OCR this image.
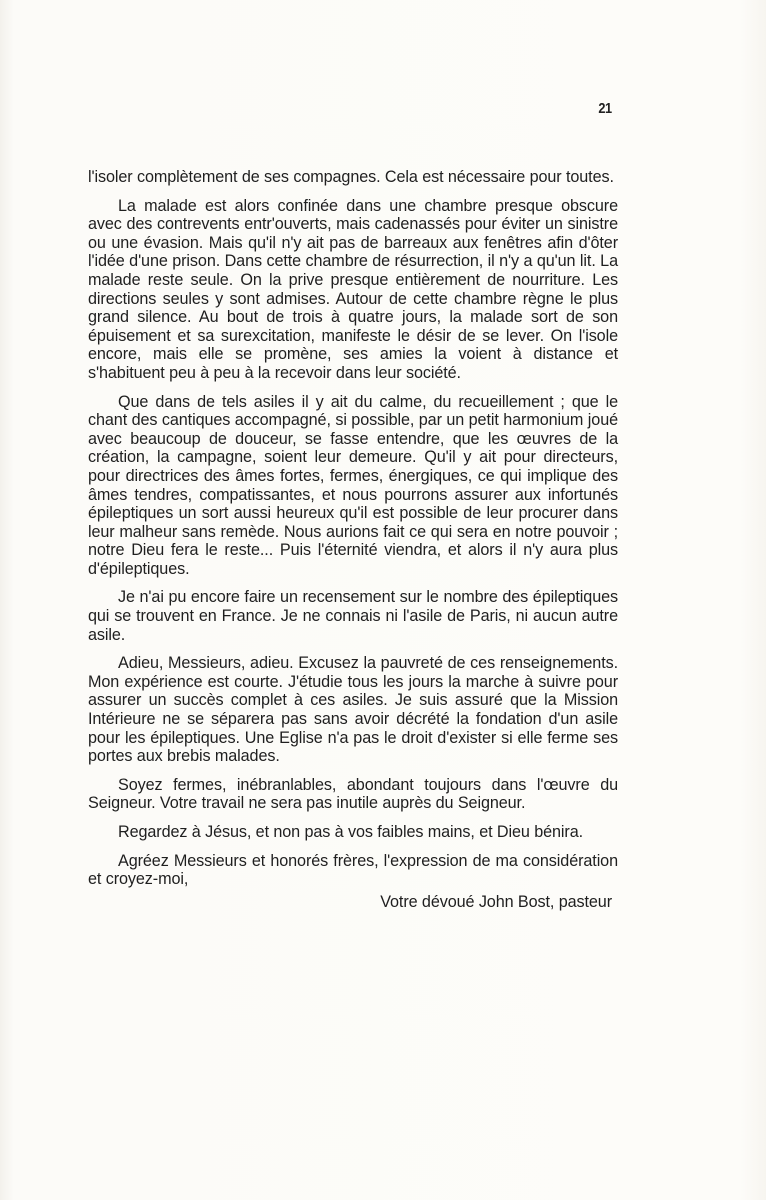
21

l'isoler complètement de ses compagnes. Cela est nécessaire pour toutes.

La malade est alors confinée dans une chambre presque obscure avec des contrevents entr'ouverts, mais cadenassés pour éviter un sinistre ou une évasion. Mais qu'il n'y ait pas de barreaux aux fenêtres afin d'ôter l'idée d'une prison. Dans cette chambre de résurrection, il n'y a qu'un lit. La malade reste seule. On la prive presque entièrement de nourriture. Les directions seules y sont admises. Autour de cette chambre règne le plus grand silence. Au bout de trois à quatre jours, la malade sort de son épuisement et sa surexcitation, manifeste le désir de se lever. On l'isole encore, mais elle se promène, ses amies la voient à distance et s'habituent peu à peu à la recevoir dans leur société.

Que dans de tels asiles il y ait du calme, du recueillement ; que le chant des cantiques accompagné, si possible, par un petit harmonium joué avec beaucoup de douceur, se fasse entendre, que les œuvres de la création, la campagne, soient leur demeure. Qu'il y ait pour directeurs, pour directrices des âmes fortes, fermes, énergiques, ce qui implique des âmes tendres, compatissantes, et nous pourrons assurer aux infortunés épileptiques un sort aussi heureux qu'il est possible de leur procurer dans leur malheur sans remède. Nous aurions fait ce qui sera en notre pouvoir ; notre Dieu fera le reste... Puis l'éternité viendra, et alors il n'y aura plus d'épileptiques.

Je n'ai pu encore faire un recensement sur le nombre des épileptiques qui se trouvent en France. Je ne connais ni l'asile de Paris, ni aucun autre asile.

Adieu, Messieurs, adieu. Excusez la pauvreté de ces renseignements. Mon expérience est courte. J'étudie tous les jours la marche à suivre pour assurer un succès complet à ces asiles. Je suis assuré que la Mission Intérieure ne se séparera pas sans avoir décrété la fondation d'un asile pour les épileptiques. Une Eglise n'a pas le droit d'exister si elle ferme ses portes aux brebis malades.

Soyez fermes, inébranlables, abondant toujours dans l'œuvre du Seigneur. Votre travail ne sera pas inutile auprès du Seigneur.

Regardez à Jésus, et non pas à vos faibles mains, et Dieu bénira.

Agréez Messieurs et honorés frères, l'expression de ma considération et croyez-moi,

Votre dévoué John Bost, pasteur
